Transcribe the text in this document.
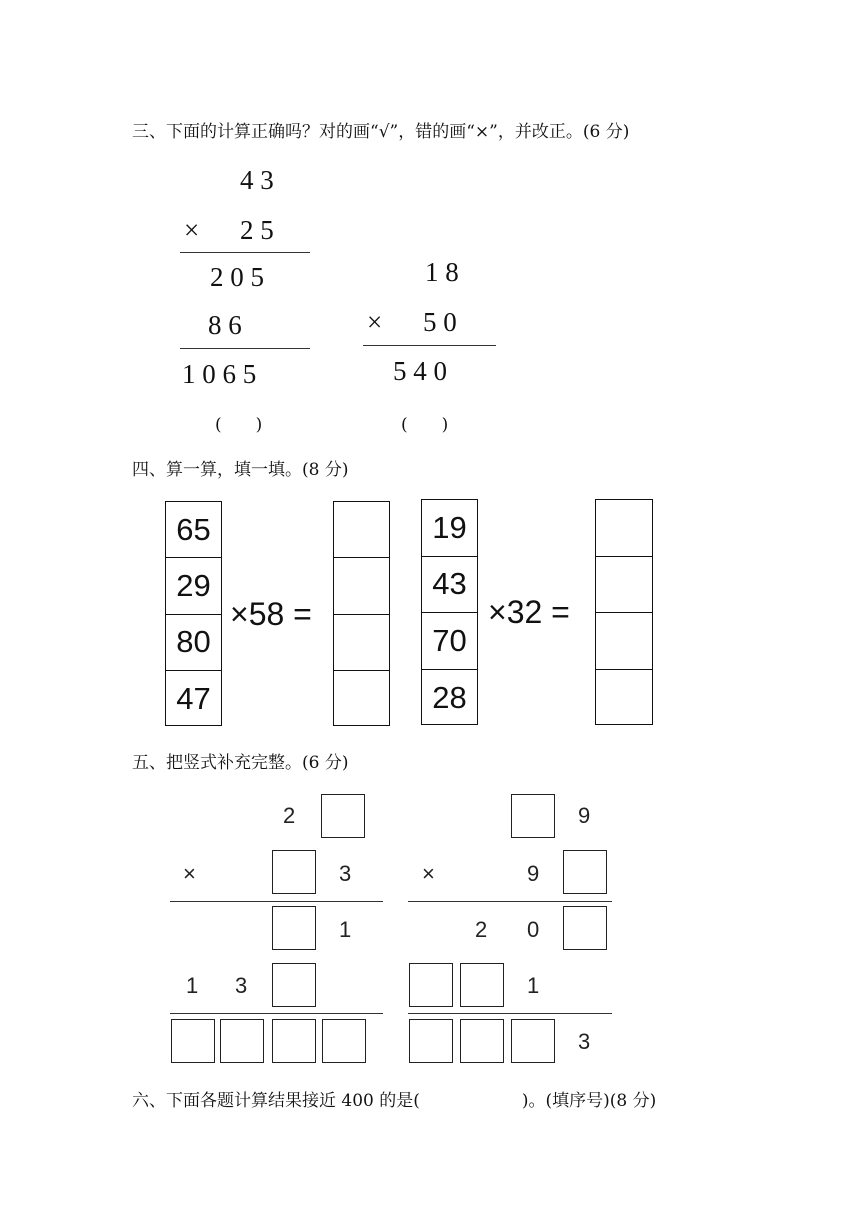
三、下面的计算正确吗？对的画“√”，错的画“×”，并改正。(6 分)
4 3
× 2 5
2 0 5
8 6
1 0 6 5
(　　)
1 8
× 5 0
5 4 0
(　　)
四、算一算，填一填。(8 分)
65
29
80
47
×58 =
19
43
70
28
×32 =
五、把竖式补充完整。(6 分)
2
×	3
1
1 3
9
×	9
2 0
1
3
六、下面各题计算结果接近 400 的是(　　　　　　)。(填序号)(8 分)
